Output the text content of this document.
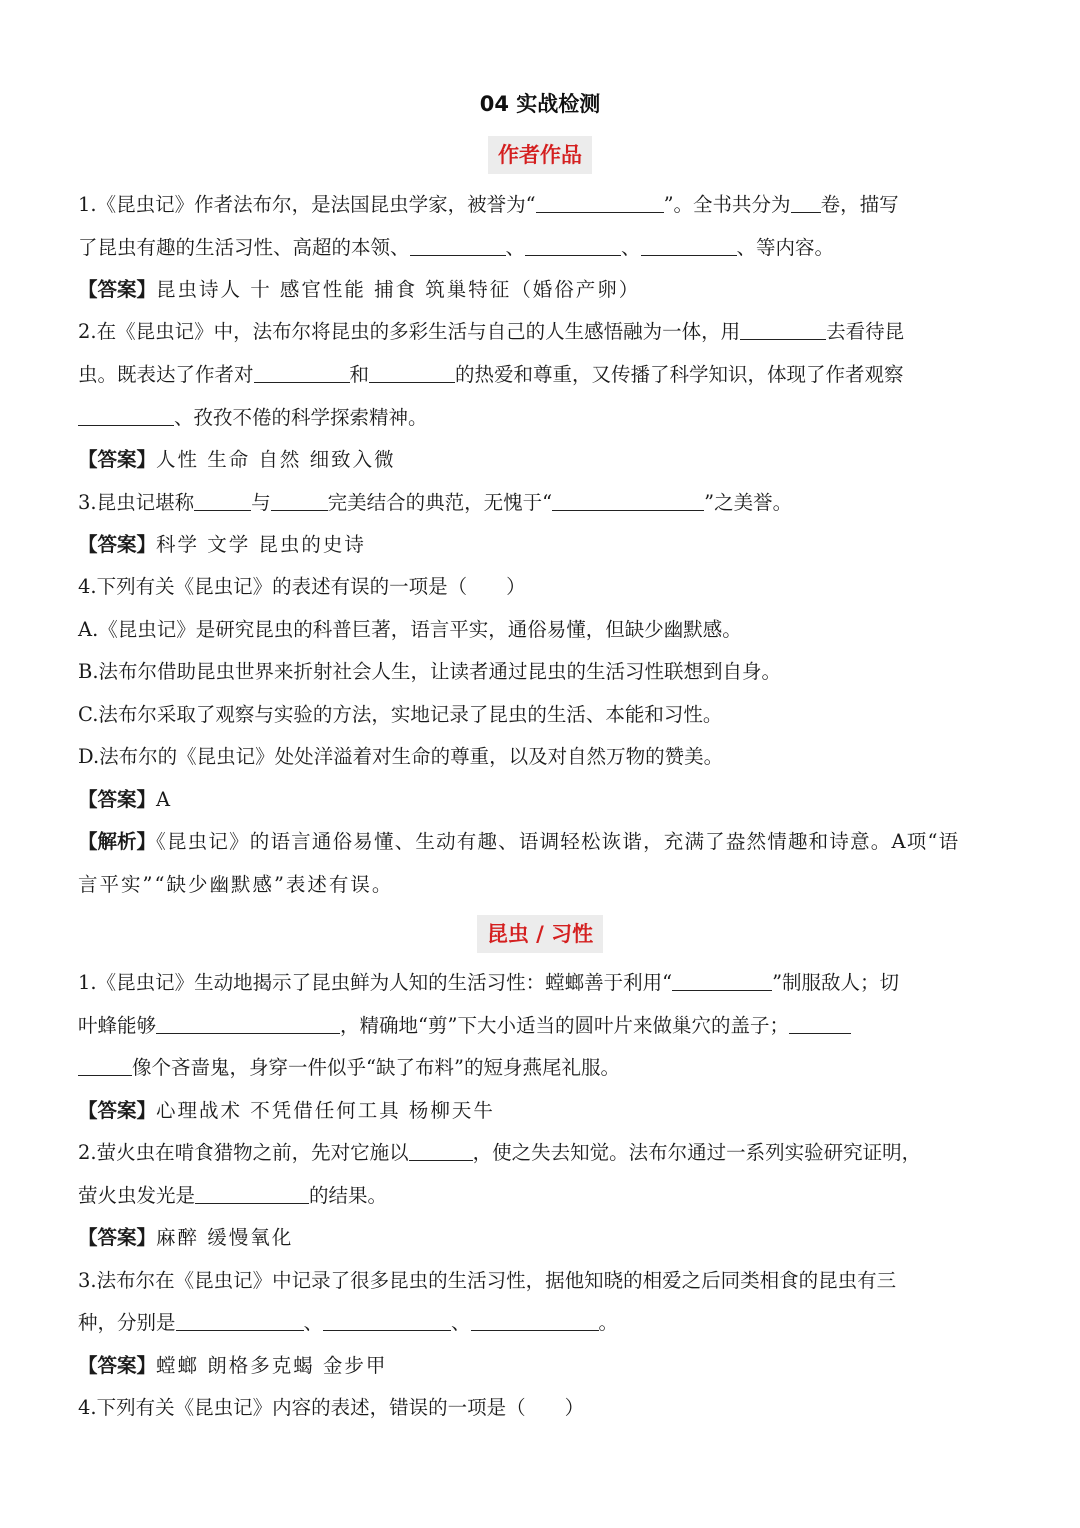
04 实战检测
作者作品
1.《昆虫记》作者法布尔，是法国昆虫学家，被誉为“	”。全书共分为 卷，描写
了昆虫有趣的生活习性、高超的本领、	、	、	、等内容。
【答案】昆虫诗人 十 感官性能 捕食 筑巢特征（婚俗产卵）
2.在《昆虫记》中，法布尔将昆虫的多彩生活与自己的人生感悟融为一体，用	去看待昆
虫。既表达了作者对	和	的热爱和尊重，又传播了科学知识，体现了作者观察
、孜孜不倦的科学探索精神。
【答案】人性 生命 自然 细致入微
3.昆虫记堪称	与	完美结合的典范，无愧于“	”之美誉。
【答案】科学 文学 昆虫的史诗
4.下列有关《昆虫记》的表述有误的一项是（　　）
A.《昆虫记》是研究昆虫的科普巨著，语言平实，通俗易懂，但缺少幽默感。
B.法布尔借助昆虫世界来折射社会人生，让读者通过昆虫的生活习性联想到自身。
C.法布尔采取了观察与实验的方法，实地记录了昆虫的生活、本能和习性。
D.法布尔的《昆虫记》处处洋溢着对生命的尊重，以及对自然万物的赞美。
【答案】A
【解析】《昆虫记》的语言通俗易懂、生动有趣、语调轻松诙谐，充满了盎然情趣和诗意。A项“语
言平实”“缺少幽默感”表述有误。
昆虫 / 习性
1.《昆虫记》生动地揭示了昆虫鲜为人知的生活习性：螳螂善于利用“	”制服敌人；切
叶蜂能够	，精确地“剪”下大小适当的圆叶片来做巢穴的盖子；
像个吝啬鬼，身穿一件似乎“缺了布料”的短身燕尾礼服。
【答案】心理战术 不凭借任何工具 杨柳天牛
2.萤火虫在啃食猎物之前，先对它施以	，使之失去知觉。法布尔通过一系列实验研究证明，
萤火虫发光是	的结果。
【答案】麻醉 缓慢氧化
3.法布尔在《昆虫记》中记录了很多昆虫的生活习性，据他知晓的相爱之后同类相食的昆虫有三
种，分别是	、	、	。
【答案】螳螂 朗格多克蝎 金步甲
4.下列有关《昆虫记》内容的表述，错误的一项是（　　）
